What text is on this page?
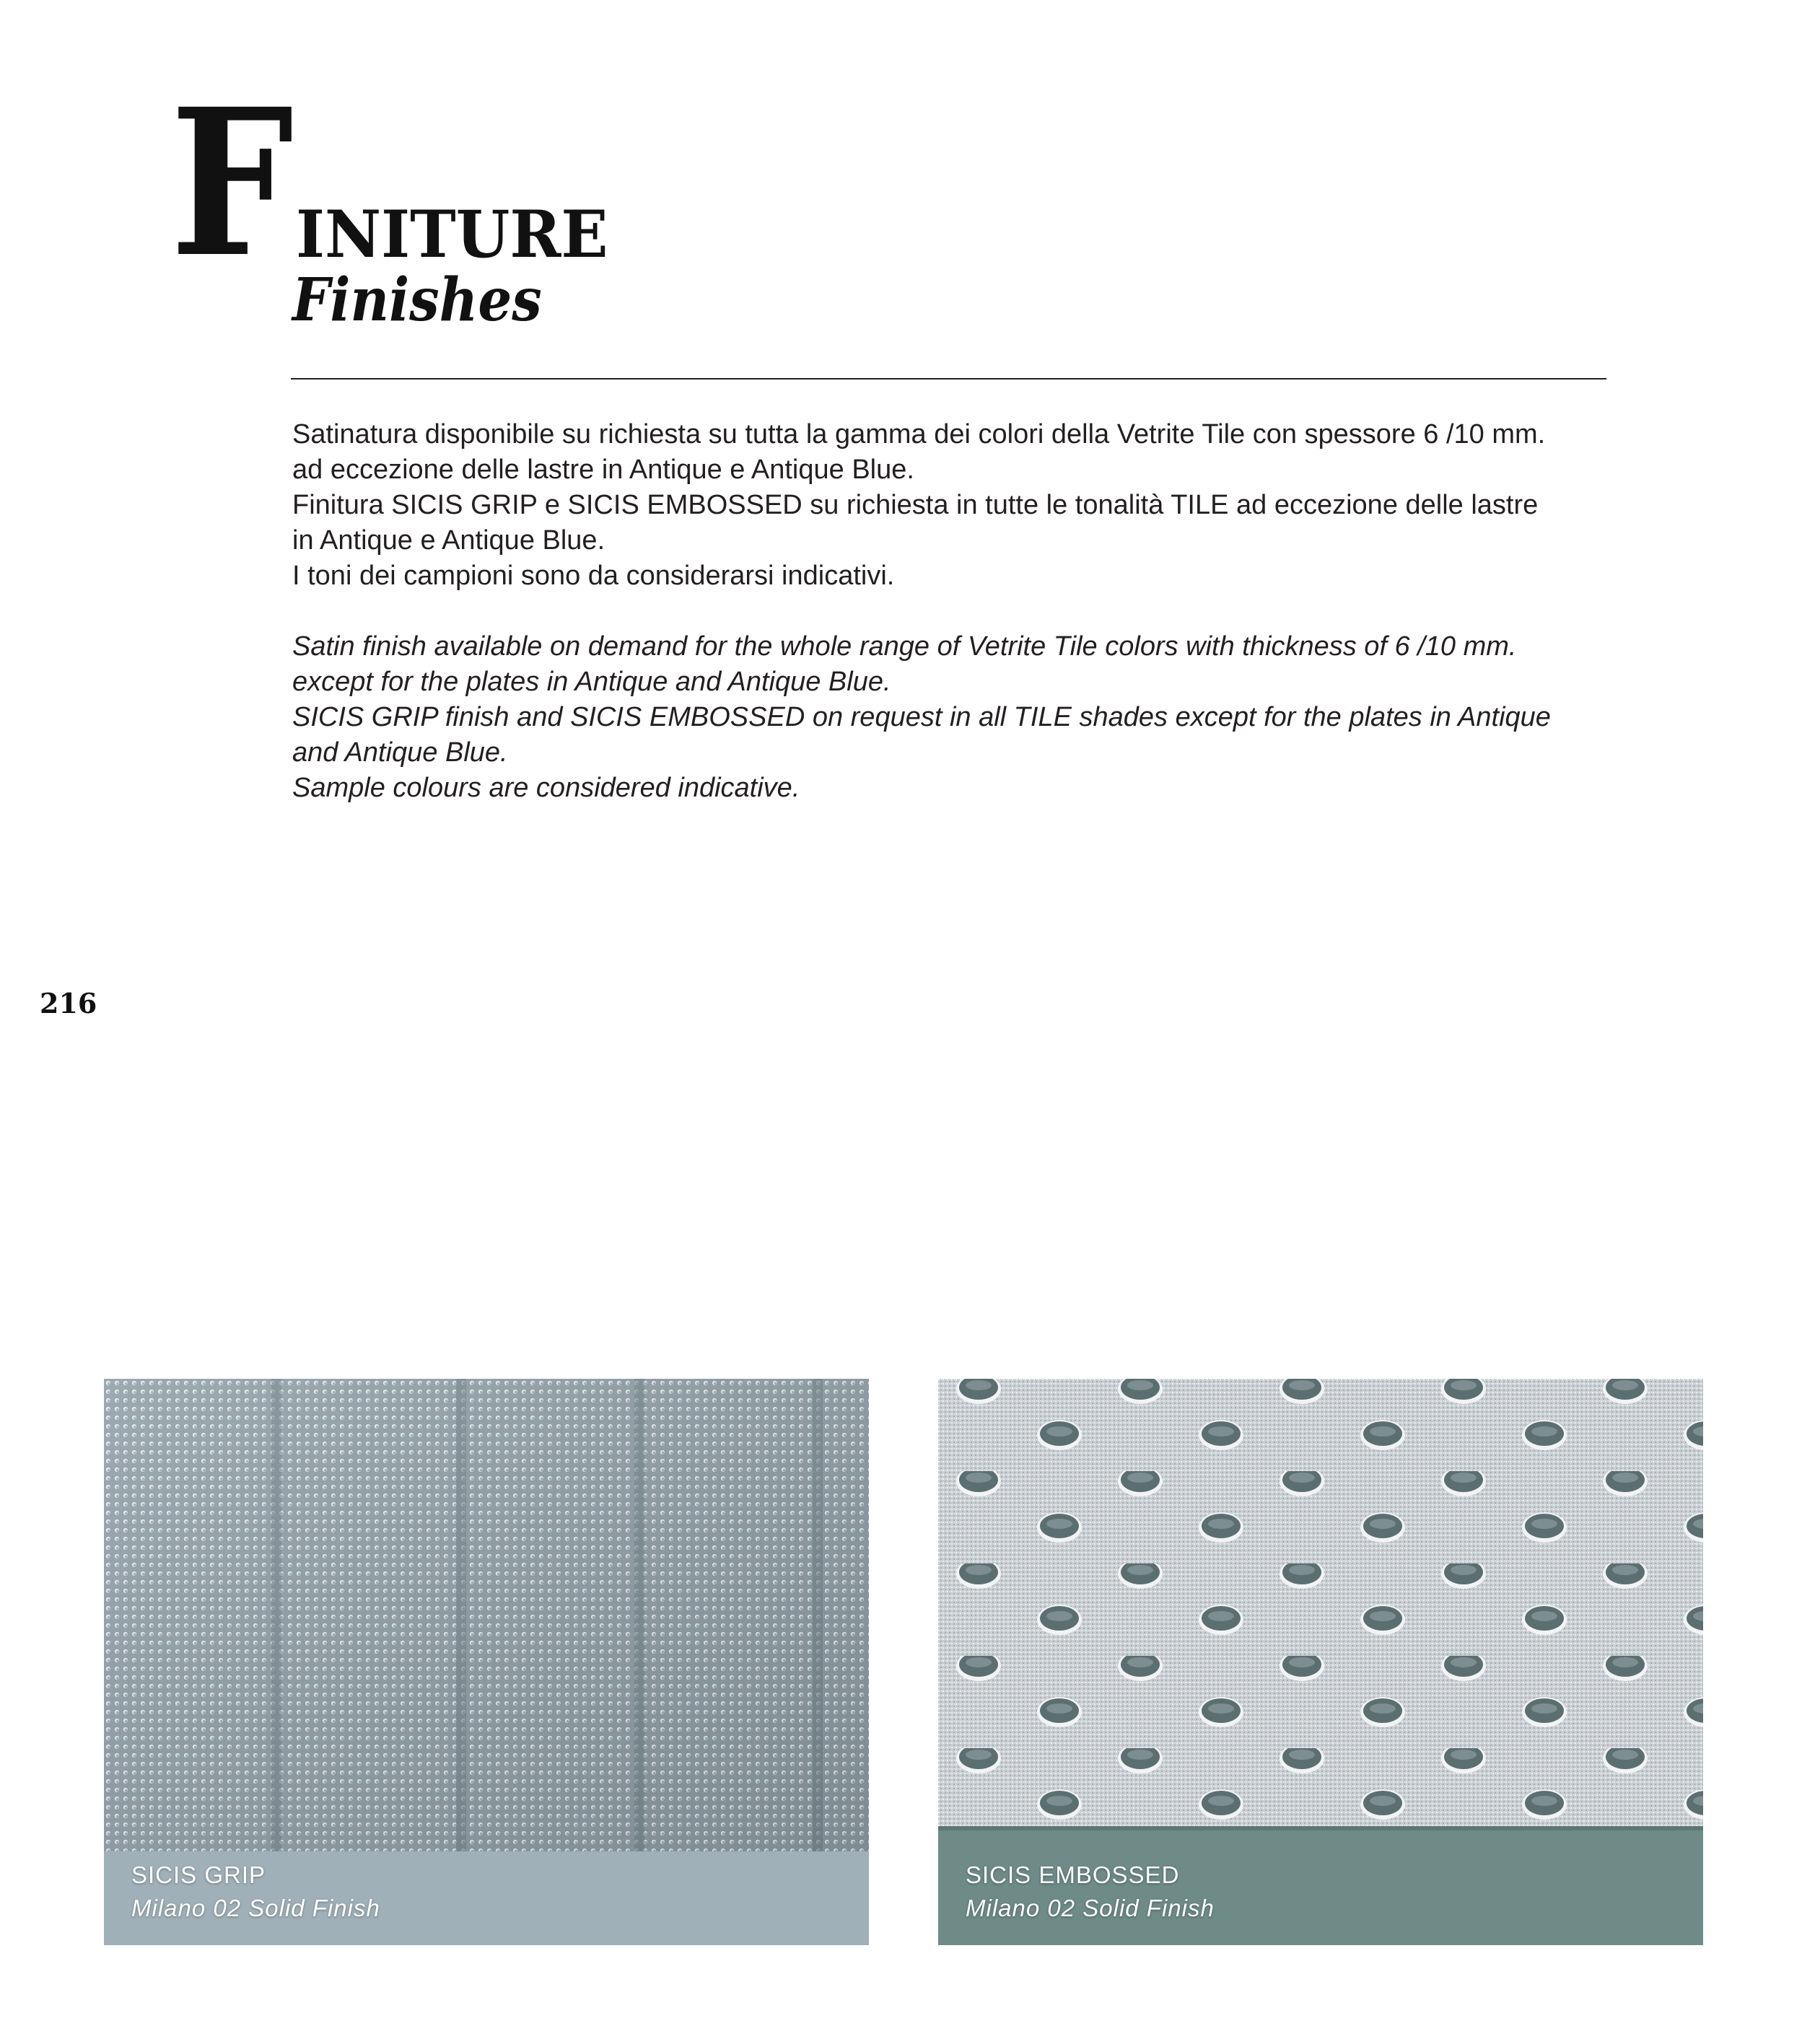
F INITURE
Finishes

Satinatura disponibile su richiesta su tutta la gamma dei colori della Vetrite Tile con spessore 6 /10 mm.

ad eccezione delle lastre in Antique e Antique Blue.

Finitura SICIS GRIP e SICIS EMBOSSED su richiesta in tutte le tonalità TILE ad eccezione delle lastre

in Antique e Antique Blue.

I toni dei campioni sono da considerarsi indicativi.

Satin finish available on demand for the whole range of Vetrite Tile colors with thickness of 6 /10 mm.

except for the plates in Antique and Antique Blue.

SICIS GRIP finish and SICIS EMBOSSED on request in all TILE shades except for the plates in Antique

and Antique Blue.

Sample colours are considered indicative.

216
SICIS GRIP
Milano 02 Solid Finish
SICIS EMBOSSED
Milano 02 Solid Finish
